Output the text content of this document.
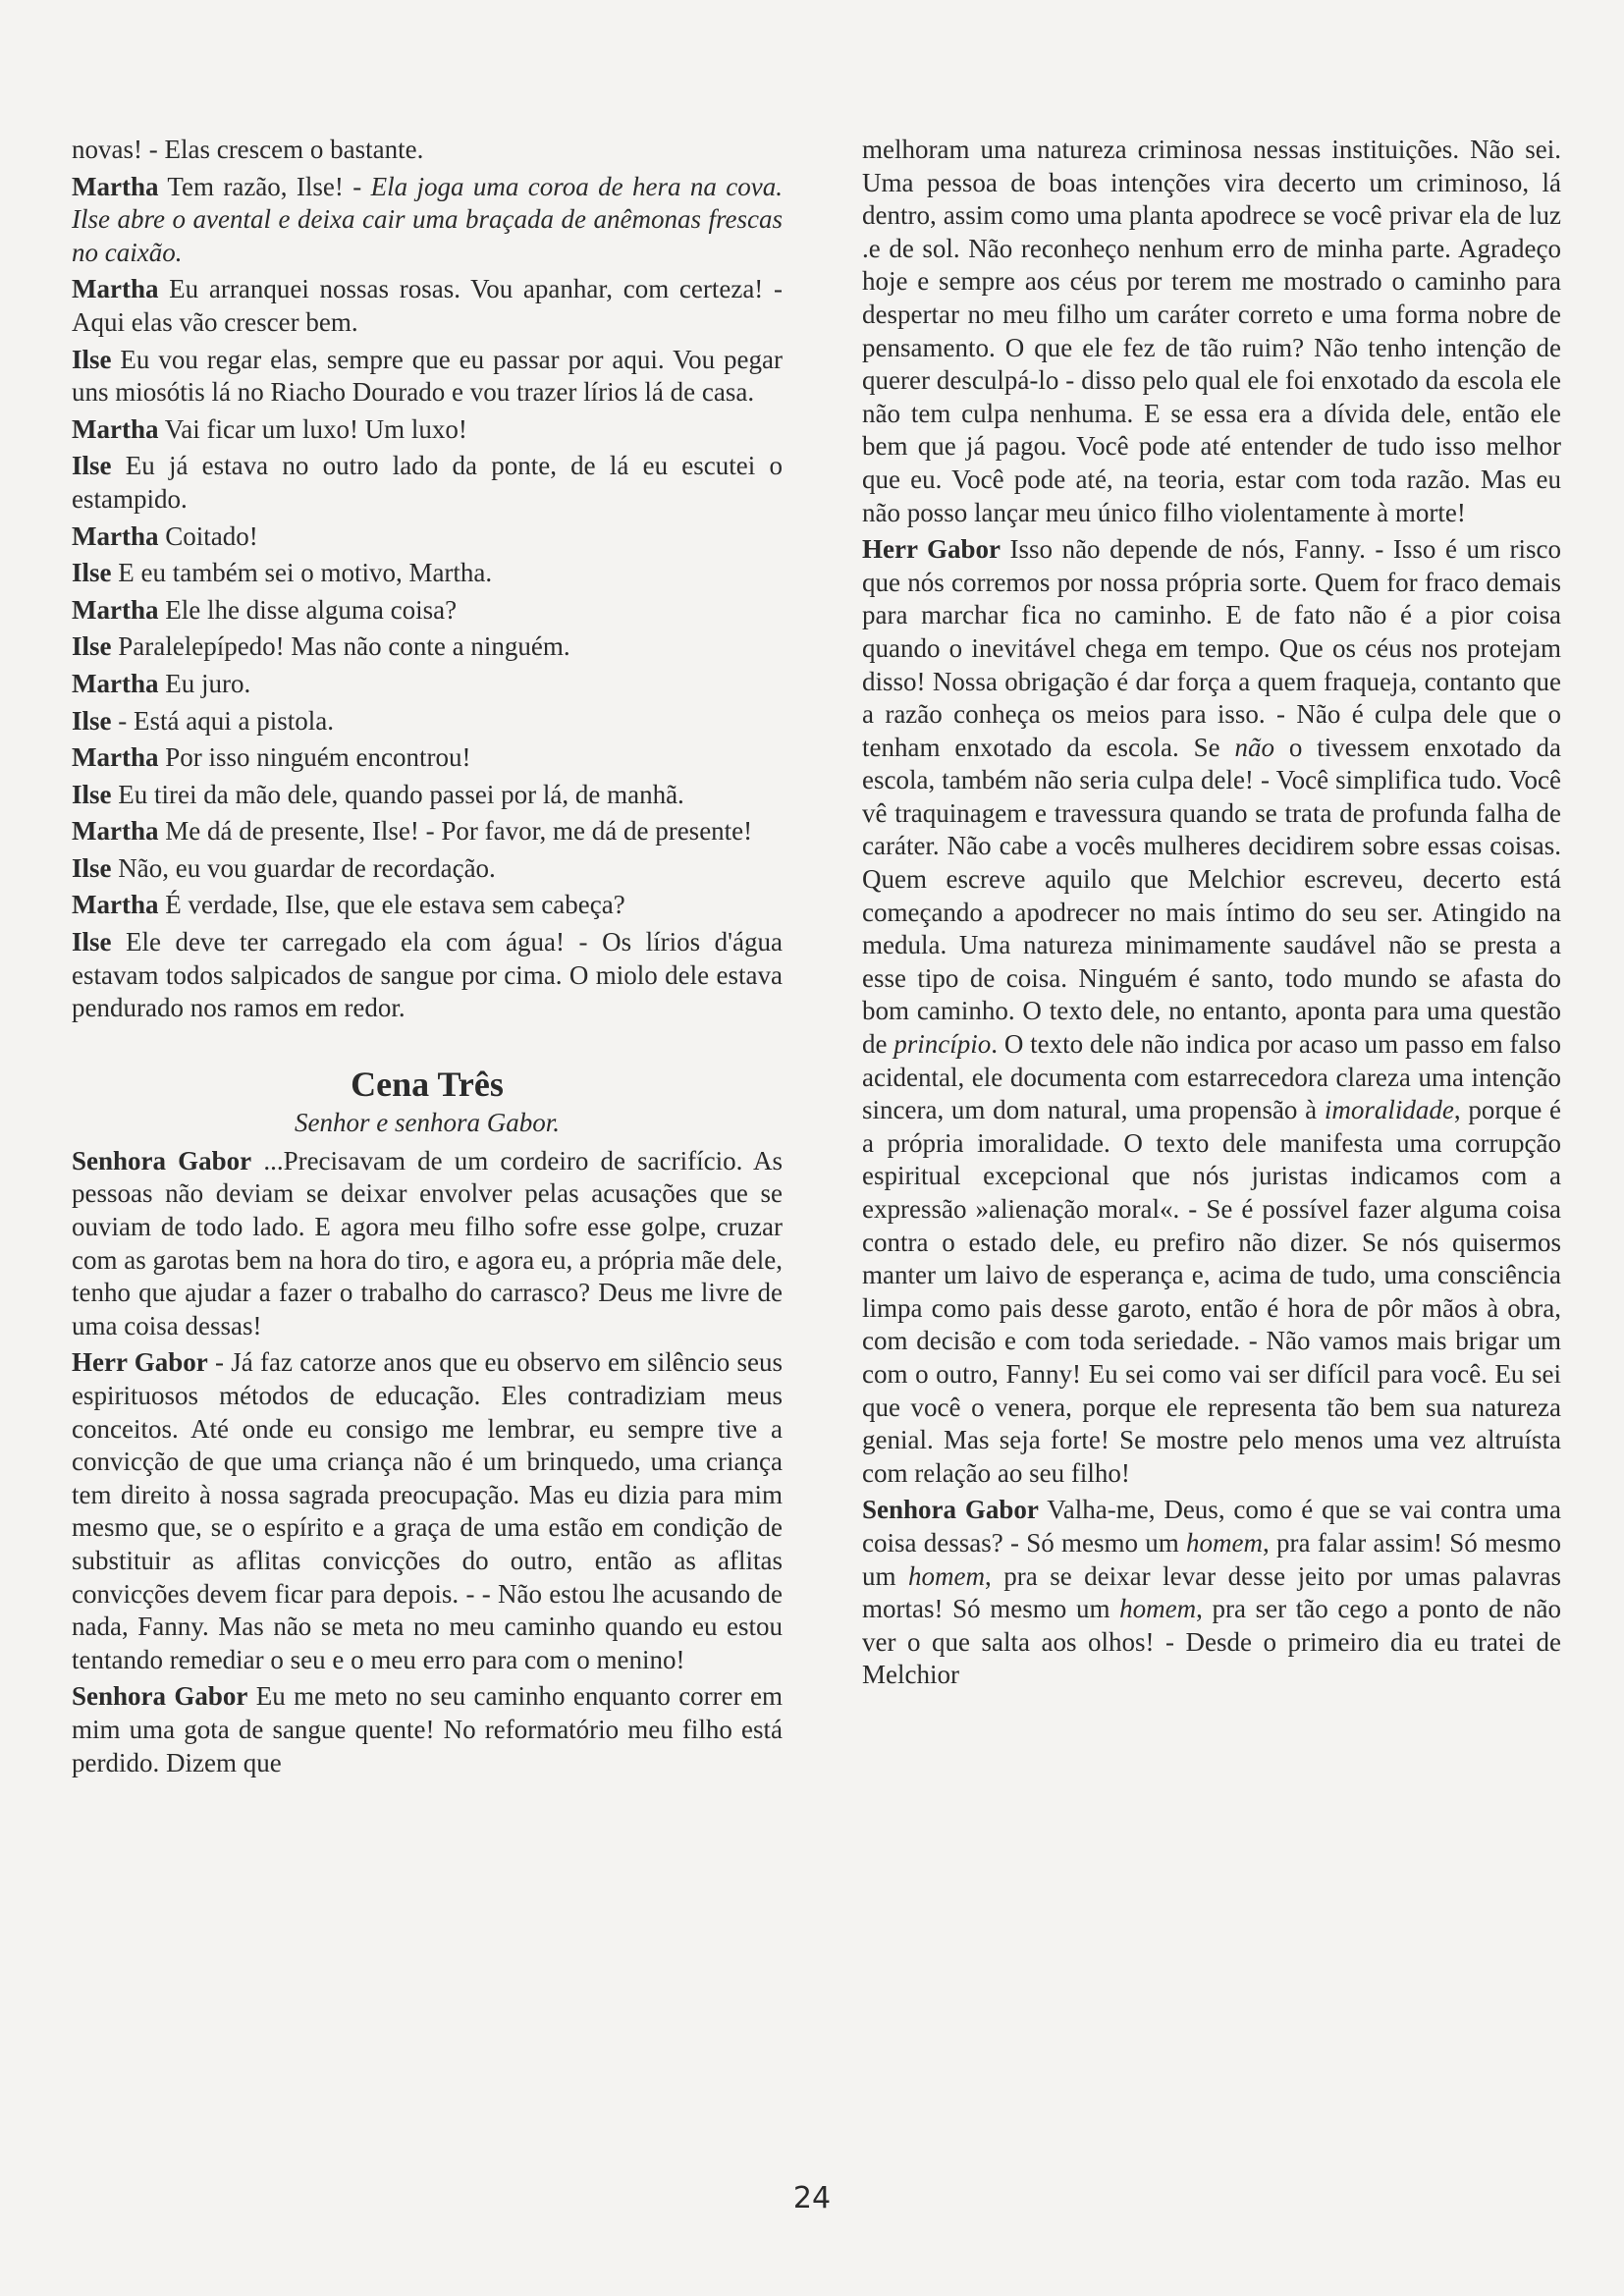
novas! - Elas crescem o bastante.

Martha Tem razão, Ilse! - Ela joga uma coroa de hera na cova. Ilse abre o avental e deixa cair uma braçada de anêmonas frescas no caixão.

Martha Eu arranquei nossas rosas. Vou apanhar, com certeza! - Aqui elas vão crescer bem.

Ilse Eu vou regar elas, sempre que eu passar por aqui. Vou pegar uns miosótis lá no Riacho Dourado e vou trazer lírios lá de casa.

Martha Vai ficar um luxo! Um luxo!

Ilse Eu já estava no outro lado da ponte, de lá eu escutei o estampido.

Martha Coitado!

Ilse E eu também sei o motivo, Martha.

Martha Ele lhe disse alguma coisa?

Ilse Paralelepípedo! Mas não conte a ninguém.

Martha Eu juro.

Ilse - Está aqui a pistola.

Martha Por isso ninguém encontrou!

Ilse Eu tirei da mão dele, quando passei por lá, de manhã.

Martha Me dá de presente, Ilse! - Por favor, me dá de presente!

Ilse Não, eu vou guardar de recordação.

Martha É verdade, Ilse, que ele estava sem cabeça?

Ilse Ele deve ter carregado ela com água! - Os lírios d'água estavam todos salpicados de sangue por cima. O miolo dele estava pendurado nos ramos em redor.

Cena Três
Senhor e senhora Gabor.

Senhora Gabor ...Precisavam de um cordeiro de sacrifício. As pessoas não deviam se deixar envolver pelas acusações que se ouviam de todo lado. E agora meu filho sofre esse golpe, cruzar com as garotas bem na hora do tiro, e agora eu, a própria mãe dele, tenho que ajudar a fazer o trabalho do carrasco? Deus me livre de uma coisa dessas!

Herr Gabor - Já faz catorze anos que eu observo em silêncio seus espirituosos métodos de educação. Eles contradiziam meus conceitos. Até onde eu consigo me lembrar, eu sempre tive a convicção de que uma criança não é um brinquedo, uma criança tem direito à nossa sagrada preocupação. Mas eu dizia para mim mesmo que, se o espírito e a graça de uma estão em condição de substituir as aflitas convicções do outro, então as aflitas convicções devem ficar para depois. - - Não estou lhe acusando de nada, Fanny. Mas não se meta no meu caminho quando eu estou tentando remediar o seu e o meu erro para com o menino!

Senhora Gabor Eu me meto no seu caminho enquanto correr em mim uma gota de sangue quente! No reformatório meu filho está perdido. Dizem que

melhoram uma natureza criminosa nessas instituições. Não sei. Uma pessoa de boas intenções vira decerto um criminoso, lá dentro, assim como uma planta apodrece se você privar ela de luz .e de sol. Não reconheço nenhum erro de minha parte. Agradeço hoje e sempre aos céus por terem me mostrado o caminho para despertar no meu filho um caráter correto e uma forma nobre de pensamento. O que ele fez de tão ruim? Não tenho intenção de querer desculpá-lo - disso pelo qual ele foi enxotado da escola ele não tem culpa nenhuma. E se essa era a dívida dele, então ele bem que já pagou. Você pode até entender de tudo isso melhor que eu. Você pode até, na teoria, estar com toda razão. Mas eu não posso lançar meu único filho violentamente à morte!

Herr Gabor Isso não depende de nós, Fanny. - Isso é um risco que nós corremos por nossa própria sorte. Quem for fraco demais para marchar fica no caminho. E de fato não é a pior coisa quando o inevitável chega em tempo. Que os céus nos protejam disso! Nossa obrigação é dar força a quem fraqueja, contanto que a razão conheça os meios para isso. - Não é culpa dele que o tenham enxotado da escola. Se não o tivessem enxotado da escola, também não seria culpa dele! - Você simplifica tudo. Você vê traquinagem e travessura quando se trata de profunda falha de caráter. Não cabe a vocês mulheres decidirem sobre essas coisas. Quem escreve aquilo que Melchior escreveu, decerto está começando a apodrecer no mais íntimo do seu ser. Atingido na medula. Uma natureza minimamente saudável não se presta a esse tipo de coisa. Ninguém é santo, todo mundo se afasta do bom caminho. O texto dele, no entanto, aponta para uma questão de princípio. O texto dele não indica por acaso um passo em falso acidental, ele documenta com estarrecedora clareza uma intenção sincera, um dom natural, uma propensão à imoralidade, porque é a própria imoralidade. O texto dele manifesta uma corrupção espiritual excepcional que nós juristas indicamos com a expressão »alienação moral«. - Se é possível fazer alguma coisa contra o estado dele, eu prefiro não dizer. Se nós quisermos manter um laivo de esperança e, acima de tudo, uma consciência limpa como pais desse garoto, então é hora de pôr mãos à obra, com decisão e com toda seriedade. - Não vamos mais brigar um com o outro, Fanny! Eu sei como vai ser difícil para você. Eu sei que você o venera, porque ele representa tão bem sua natureza genial. Mas seja forte! Se mostre pelo menos uma vez altruísta com relação ao seu filho!

Senhora Gabor Valha-me, Deus, como é que se vai contra uma coisa dessas? - Só mesmo um homem, pra falar assim! Só mesmo um homem, pra se deixar levar desse jeito por umas palavras mortas! Só mesmo um homem, pra ser tão cego a ponto de não ver o que salta aos olhos! - Desde o primeiro dia eu tratei de Melchior

24
